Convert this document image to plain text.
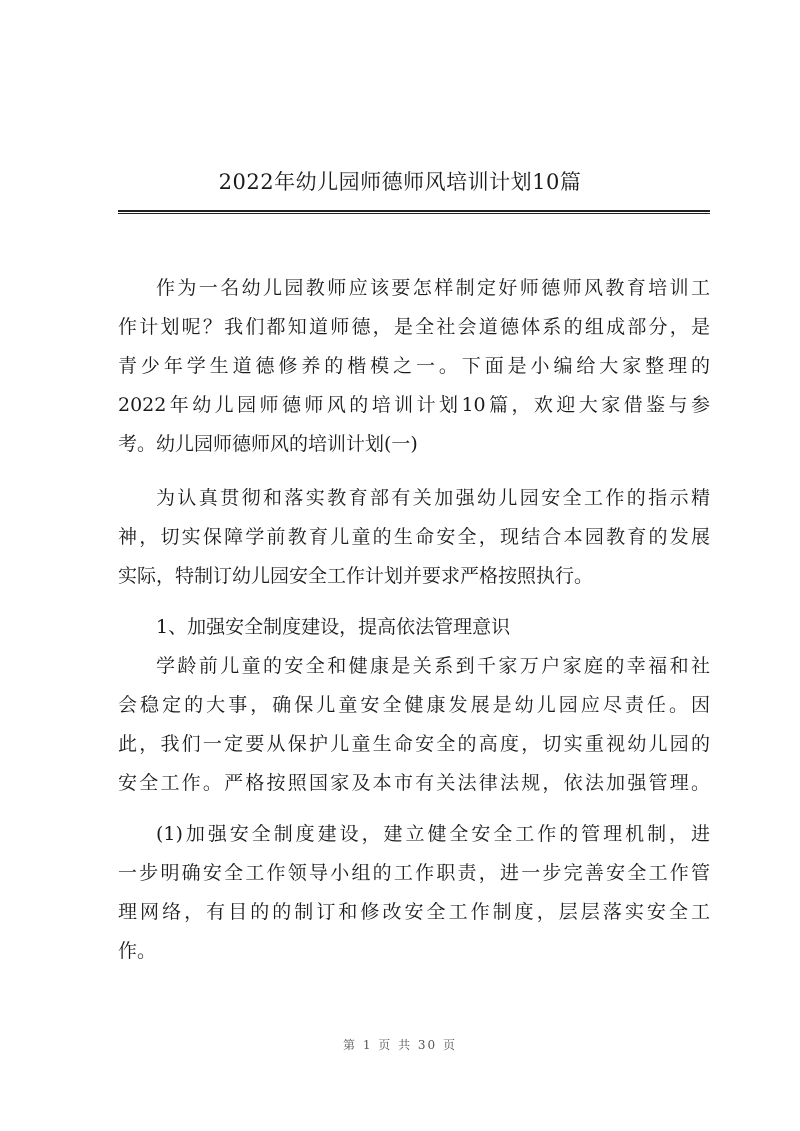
2022年幼儿园师德师风培训计划10篇
作为一名幼儿园教师应该要怎样制定好师德师风教育培训工
作计划呢？我们都知道师德，是全社会道德体系的组成部分，是
青少年学生道德修养的楷模之一。下面是小编给大家整理的
2022年幼儿园师德师风的培训计划10篇，欢迎大家借鉴与参
考。幼儿园师德师风的培训计划(一)
为认真贯彻和落实教育部有关加强幼儿园安全工作的指示精
神，切实保障学前教育儿童的生命安全，现结合本园教育的发展
实际，特制订幼儿园安全工作计划并要求严格按照执行。
1、加强安全制度建设，提高依法管理意识
学龄前儿童的安全和健康是关系到千家万户家庭的幸福和社
会稳定的大事，确保儿童安全健康发展是幼儿园应尽责任。因
此，我们一定要从保护儿童生命安全的高度，切实重视幼儿园的
安全工作。严格按照国家及本市有关法律法规，依法加强管理。
(1)加强安全制度建设，建立健全安全工作的管理机制，进
一步明确安全工作领导小组的工作职责，进一步完善安全工作管
理网络，有目的的制订和修改安全工作制度，层层落实安全工
作。
第 1 页 共 30 页
